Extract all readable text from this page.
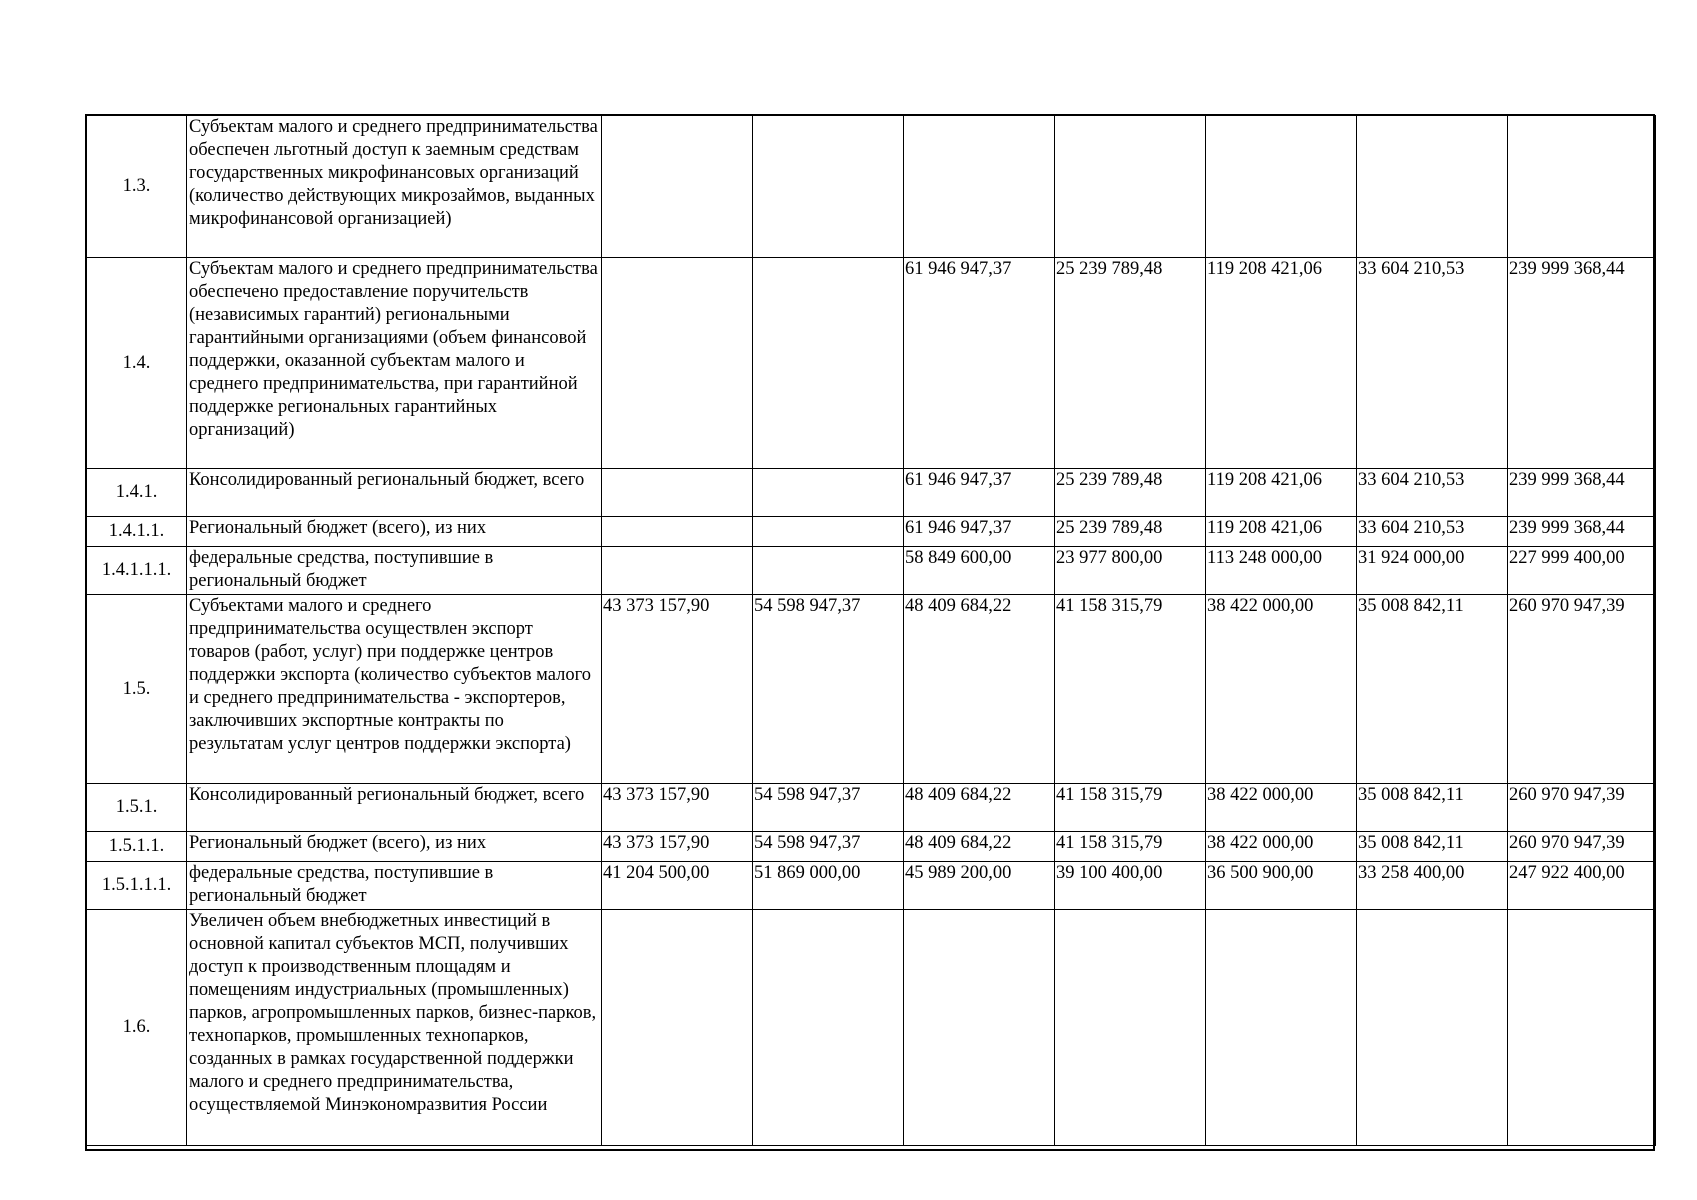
1.3.	Субъектам малого и среднего предпринимательства обеспечен льготный доступ к заемным средствам государственных микрофинансовых организаций (количество действующих микрозаймов, выданных микрофинансовой организацией)							
1.4.	Субъектам малого и среднего предпринимательства обеспечено предоставление поручительств (независимых гарантий) региональными гарантийными организациями (объем финансовой поддержки, оказанной субъектам малого и среднего предпринимательства, при гарантийной поддержке региональных гарантийных организаций)			61 946 947,37	25 239 789,48	119 208 421,06	33 604 210,53	239 999 368,44
1.4.1.	Консолидированный региональный бюджет, всего			61 946 947,37	25 239 789,48	119 208 421,06	33 604 210,53	239 999 368,44
1.4.1.1.	Региональный бюджет (всего), из них			61 946 947,37	25 239 789,48	119 208 421,06	33 604 210,53	239 999 368,44
1.4.1.1.1.	федеральные средства, поступившие в региональный бюджет			58 849 600,00	23 977 800,00	113 248 000,00	31 924 000,00	227 999 400,00
1.5.	Субъектами малого и среднего предпринимательства осуществлен экспорт товаров (работ, услуг) при поддержке центров поддержки экспорта (количество субъектов малого и среднего предпринимательства - экспортеров, заключивших экспортные контракты по результатам услуг центров поддержки экспорта)	43 373 157,90	54 598 947,37	48 409 684,22	41 158 315,79	38 422 000,00	35 008 842,11	260 970 947,39
1.5.1.	Консолидированный региональный бюджет, всего	43 373 157,90	54 598 947,37	48 409 684,22	41 158 315,79	38 422 000,00	35 008 842,11	260 970 947,39
1.5.1.1.	Региональный бюджет (всего), из них	43 373 157,90	54 598 947,37	48 409 684,22	41 158 315,79	38 422 000,00	35 008 842,11	260 970 947,39
1.5.1.1.1.	федеральные средства, поступившие в региональный бюджет	41 204 500,00	51 869 000,00	45 989 200,00	39 100 400,00	36 500 900,00	33 258 400,00	247 922 400,00
1.6.	Увеличен объем внебюджетных инвестиций в основной капитал субъектов МСП, получивших доступ к производственным площадям и помещениям индустриальных (промышленных) парков, агропромышленных парков, бизнес-парков, технопарков, промышленных технопарков, созданных в рамках государственной поддержки малого и среднего предпринимательства, осуществляемой Минэкономразвития России							
